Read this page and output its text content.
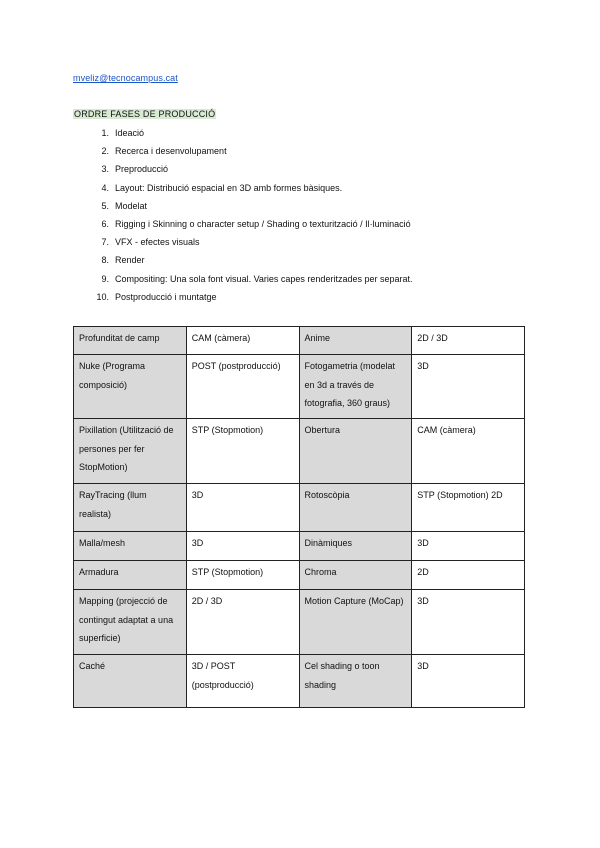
mveliz@tecnocampus.cat
ORDRE FASES DE PRODUCCIÓ
1. Ideació
2. Recerca i desenvolupament
3. Preproducció
4. Layout: Distribució espacial en 3D amb formes bàsiques.
5. Modelat
6. Rigging i Skinning o character setup / Shading o texturització / Il·luminació
7. VFX - efectes visuals
8. Render
9. Compositing: Una sola font visual. Varies capes renderitzades per separat.
10. Postproducció i muntatge
Profunditat de camp	CAM (càmera)	Anime	2D / 3D
Nuke (Programa composició)	POST (postproducció)	Fotogametria (modelat en 3d a través de fotografia, 360 graus)	3D
Pixillation (Utilització de persones per fer StopMotion)	STP (Stopmotion)	Obertura	CAM (càmera)
RayTracing (llum realista)	3D	Rotoscòpia	STP (Stopmotion) 2D
Malla/mesh	3D	Dinàmiques	3D
Armadura	STP (Stopmotion)	Chroma	2D
Mapping (projecció de contingut adaptat a una superficie)	2D / 3D	Motion Capture (MoCap)	3D
Caché	3D / POST (postproducció)	Cel shading o toon shading	3D
